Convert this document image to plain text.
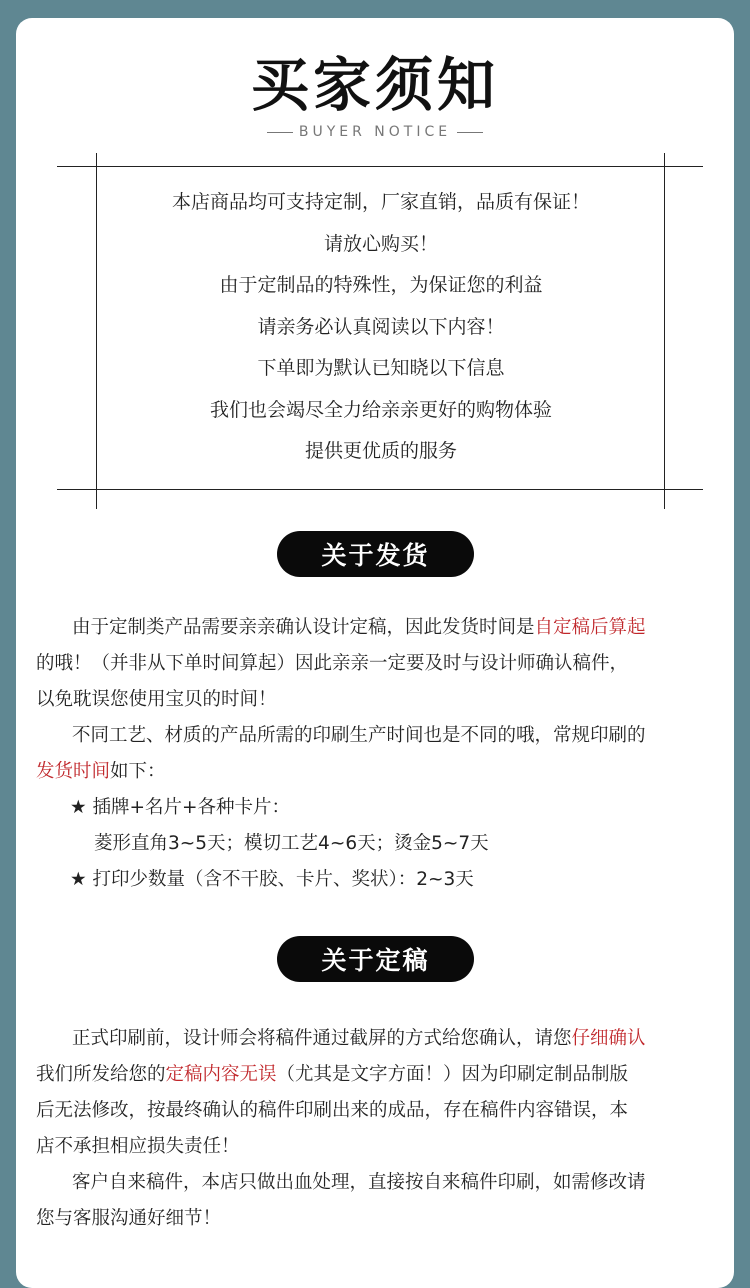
买家须知
BUYER NOTICE
本店商品均可支持定制，厂家直销，品质有保证！
请放心购买！
由于定制品的特殊性，为保证您的利益
请亲务必认真阅读以下内容！
下单即为默认已知晓以下信息
我们也会竭尽全力给亲亲更好的购物体验
提供更优质的服务
关于发货

由于定制类产品需要亲亲确认设计定稿，因此发货时间是自定稿后算起

的哦！（并非从下单时间算起）因此亲亲一定要及时与设计师确认稿件，

以免耽误您使用宝贝的时间！

不同工艺、材质的产品所需的印刷生产时间也是不同的哦，常规印刷的

发货时间如下：

★ 插牌+名片+各种卡片：

菱形直角3~5天；模切工艺4~6天；烫金5~7天

★ 打印少数量（含不干胶、卡片、奖状）：2~3天

关于定稿

正式印刷前，设计师会将稿件通过截屏的方式给您确认，请您仔细确认

我们所发给您的定稿内容无误（尤其是文字方面！）因为印刷定制品制版

后无法修改，按最终确认的稿件印刷出来的成品，存在稿件内容错误，本

店不承担相应损失责任！

客户自来稿件，本店只做出血处理，直接按自来稿件印刷，如需修改请

您与客服沟通好细节！
